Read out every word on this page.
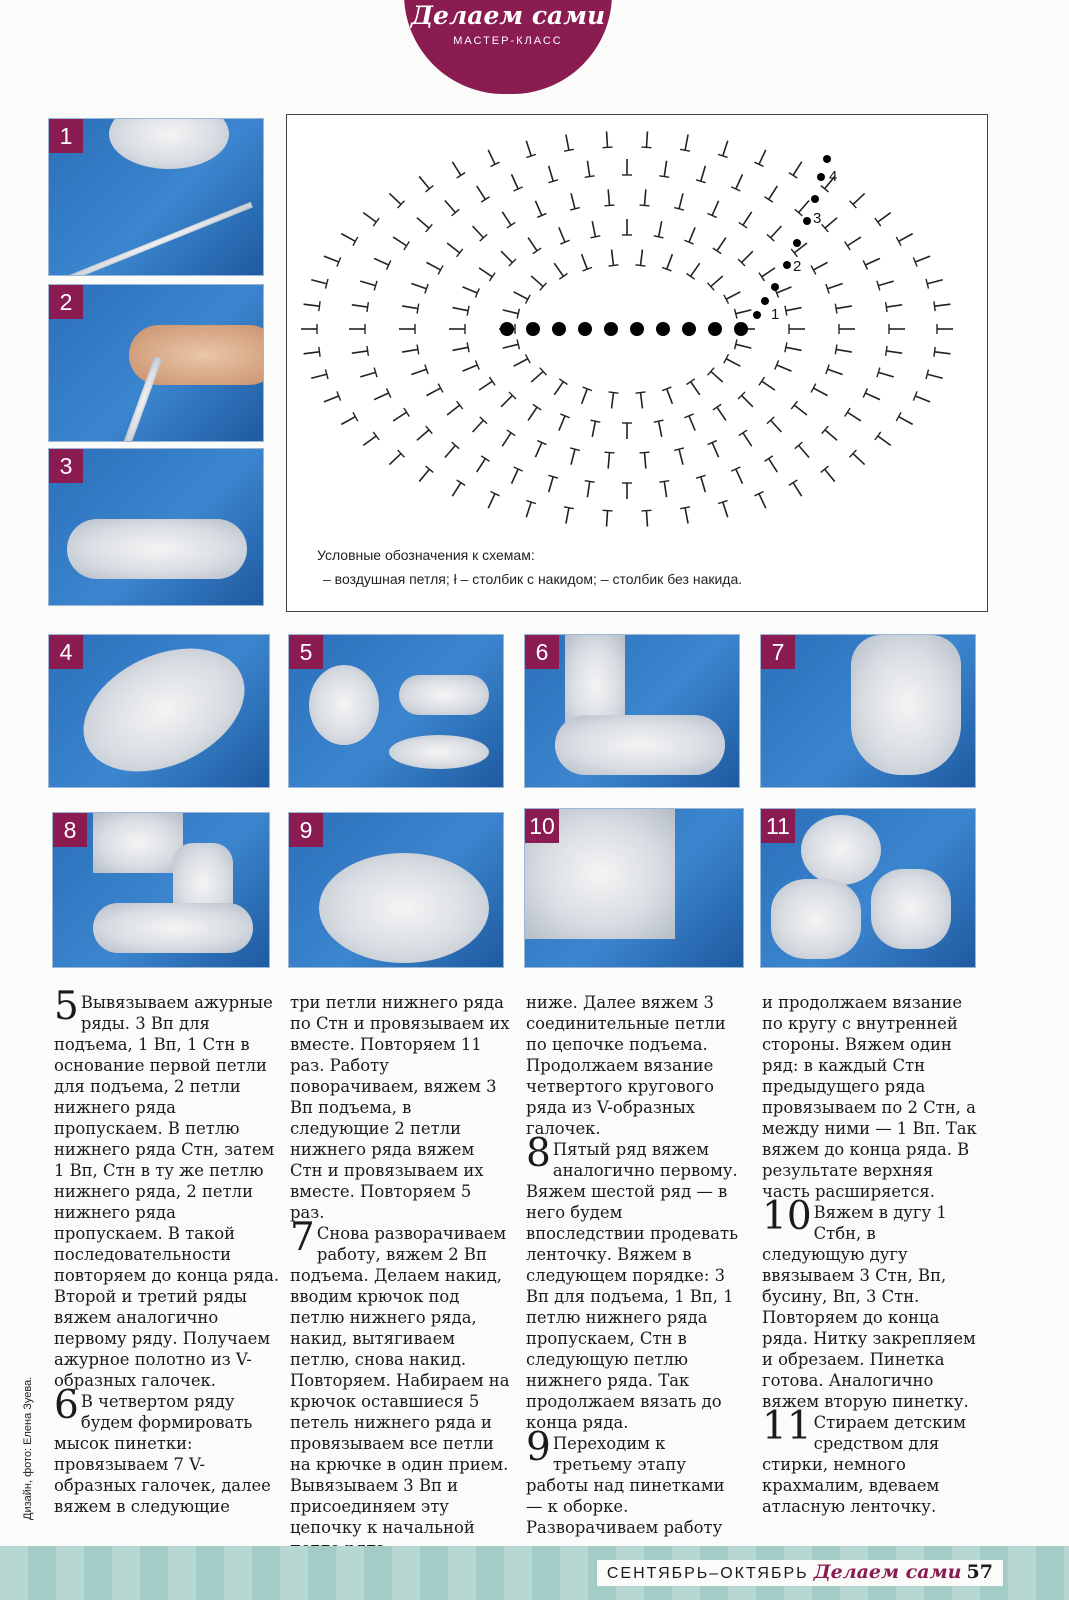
Делаем сами
МАСТЕР-КЛАСС
1
2
3
1
2
3
4
Условные обозначения к схемам:
– воздушная петля; ł – столбик с накидом; – столбик без накида.
4	5	6	7
8	9	10	11

5 Вывязываем ажурные ряды. 3 Вп для подъема, 1 Вп, 1 Стн в основание первой петли для подъема, 2 петли нижнего ряда пропускаем. В петлю нижнего ряда Стн, затем 1 Вп, Стн в ту же петлю нижнего ряда, 2 петли нижнего ряда пропускаем. В такой последовательности повторяем до конца ряда. Второй и третий ряды вяжем аналогично первому ряду. Получаем ажурное полотно из V-образных галочек.

6 В четвертом ряду будем формировать мысок пинетки: провязываем 7 V-образных галочек, далее вяжем в следующие

три петли нижнего ряда по Стн и провязываем их вместе. Повторяем 11 раз. Работу поворачиваем, вяжем 3 Вп подъема, в следующие 2 петли нижнего ряда вяжем Стн и провязываем их вместе. Повторяем 5 раз.

7 Снова разворачиваем работу, вяжем 2 Вп подъема. Делаем накид, вводим крючок под петлю нижнего ряда, накид, вытягиваем петлю, снова накид. Повторяем. Набираем на крючок оставшиеся 5 петель нижнего ряда и провязываем все петли на крючке в один прием. Вывязываем 3 Вп и присоединяем эту цепочку к начальной

ниже. Далее вяжем 3 соединительные петли по цепочке подъема. Продолжаем вязание четвертого кругового ряда из V-образных галочек.

8 Пятый ряд вяжем аналогично первому. Вяжем шестой ряд — в него будем впоследствии продевать ленточку. Вяжем в следующем порядке: 3 Вп для подъема, 1 Вп, 1 петлю нижнего ряда пропускаем, Стн в следующую петлю нижнего ряда. Так продолжаем вязать до конца ряда.

9 Переходим к третьему этапу работы над пинетками — к оборке. Разворачиваем работу

и продолжаем вязание по кругу с внутренней стороны. Вяжем один ряд: в каждый Стн предыдущего ряда провязываем по 2 Стн, а между ними — 1 Вп. Так вяжем до конца ряда. В результате верхняя часть расширяется.

10 Вяжем в дугу 1 Стбн, в следующую дугу ввязываем 3 Стн, Вп, бусину, Вп, 3 Стн. Повторяем до конца ряда. Нитку закрепляем и обрезаем. Пинетка готова. Аналогично вяжем вторую пинетку.

11 Стираем детским средством для стирки, немного крахмалим, вдеваем атласную ленточку.

Дизайн, фото: Елена Зуева.
СЕНТЯБРЬ–ОКТЯБРЬ Делаем сами 57
